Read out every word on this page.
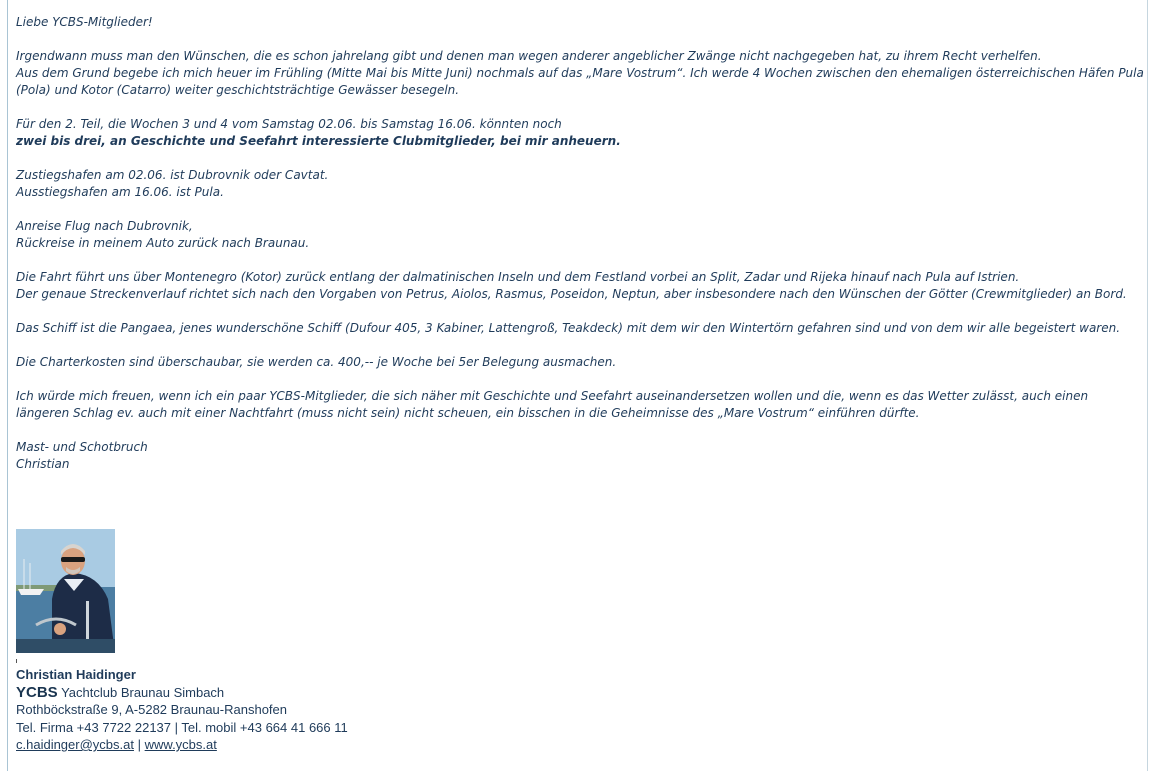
Liebe YCBS-Mitglieder!

Irgendwann muss man den Wünschen, die es schon jahrelang gibt und denen man wegen anderer angeblicher Zwänge nicht nachgegeben hat, zu ihrem Recht verhelfen.
Aus dem Grund begebe ich mich heuer im Frühling (Mitte Mai bis Mitte Juni) nochmals auf das „Mare Vostrum“. Ich werde 4 Wochen zwischen den ehemaligen österreichischen Häfen Pula (Pola) und Kotor (Catarro) weiter geschichtsträchtige Gewässer besegeln.

Für den 2. Teil, die Wochen 3 und 4 vom Samstag 02.06. bis Samstag 16.06. könnten noch
zwei bis drei, an Geschichte und Seefahrt interessierte Clubmitglieder, bei mir anheuern.

Zustiegshafen am 02.06. ist Dubrovnik oder Cavtat.
Ausstiegshafen am 16.06. ist Pula.

Anreise Flug nach Dubrovnik,
Rückreise in meinem Auto zurück nach Braunau.

Die Fahrt führt uns über Montenegro (Kotor) zurück entlang der dalmatinischen Inseln und dem Festland vorbei an Split, Zadar und Rijeka hinauf nach Pula auf Istrien.
Der genaue Streckenverlauf richtet sich nach den Vorgaben von Petrus, Aiolos, Rasmus, Poseidon, Neptun, aber insbesondere nach den Wünschen der Götter (Crewmitglieder) an Bord.

Das Schiff ist die Pangaea, jenes wunderschöne Schiff (Dufour 405, 3 Kabiner, Lattengroß, Teakdeck) mit dem wir den Wintertörn gefahren sind und von dem wir alle begeistert waren.

Die Charterkosten sind überschaubar, sie werden ca. 400,-- je Woche bei 5er Belegung ausmachen.

Ich würde mich freuen, wenn ich ein paar YCBS-Mitglieder, die sich näher mit Geschichte und Seefahrt auseinandersetzen wollen und die, wenn es das Wetter zulässt, auch einen längeren Schlag ev. auch mit einer Nachtfahrt (muss nicht sein) nicht scheuen, ein bisschen in die Geheimnisse des „Mare Vostrum“ einführen dürfte.

Mast- und Schotbruch
Christian

Christian Haidinger
YCBS Yachtclub Braunau Simbach
Rothböckstraße 9, A-5282 Braunau-Ranshofen
Tel. Firma +43 7722 22137 | Tel. mobil +43 664 41 666 11
c.haidinger@ycbs.at | www.ycbs.at
